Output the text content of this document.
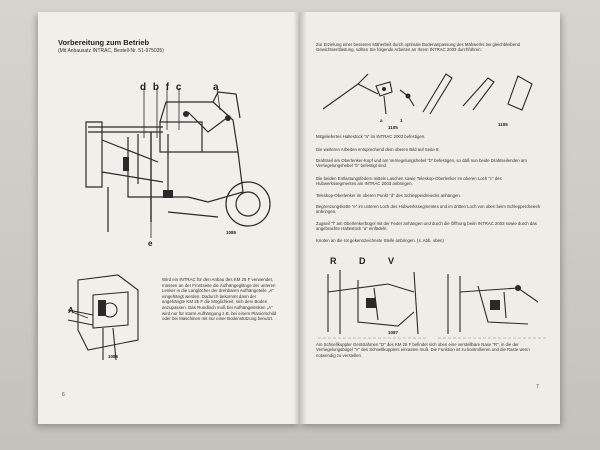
Vorbereitung zum Betrieb
(Mit Anbausatz INTRAC, Bestell-Nr. 51-975035)
d b f c	a
e
1085
A
1086
Wird ein INTRAC für den Anbau des KM 25 F verwendet, müssen an der Frontseite die Aufhängeglänge der unteren Lenker in die Langlöcher der drehbaren Aufhängeteile „A" eingehängt werden. Dadurch bekommt dann der angehängte KM 25 F die Möglichkeit, sich dem Boden anzupassen. Das Rundloch muß bei Aufhängelenken „A" wird nur für starre Aufhängung z.B. bei einem Planierschild oder bei Maschinen mit nur einer Bodenstützung benutzt.
6
Zur Erzielung einer besseren Mäherbeit durch optimale Bodenanpassung des Mähwerks bei gleichbleibend Gewichtsentlastung, sollten Sie folgende Arbeiten an Ihrem INTRAC 2003 durchführen:
a	1
1105
1105
Mitgeliefertes Haltestück "a" im INTRAC 2003 befestigen.
Die weiteren Arbeiten entsprechend dem oberen Bild auf Seite 6:
Drahtseil am Oberlenker-Kopf und am Verriegelungshebel "b" befestigen, so daß nun beide Drahtseilenden am Verriegelungshebel "b" befestigt sind.
Die beiden Entlastungsfedern mittels Laschen sowie Teleskop-Oberlenker im oberen Loch "c" des Hubwerkssegmentes am INTRAC 2003 anbringen.
Teleskop-Oberlenker im oberen Punkt "d" des Schlepperdreiecks anhängen.
Begrenzungskette "e" im unteren Loch des Hubwerkssegmentes und im dritten Loch von oben beim Schlepperdreieck anbringen.
Zugseil "f" am Oberlenkerbügel mit der Feder anhängen und durch die Öffnung beim INTRAC 2003 sowie durch das angebrachte Haltestück "a" einfädeln.
Knoten an die rot gekennzeichnete Stelle anbringen. (s. Abb. oben)
R D V
1087
Am Schnellkuppler Gerätrahmen "D" des KM 25 F befindet sich oben eine verstellbare Nase "R", in die der Verriegelungsbügel "V" des Schnellkupplers einrasten muß. Die Funktion ist zu kontrollieren und die Raste wenn notwendig zu verstellen.
7
